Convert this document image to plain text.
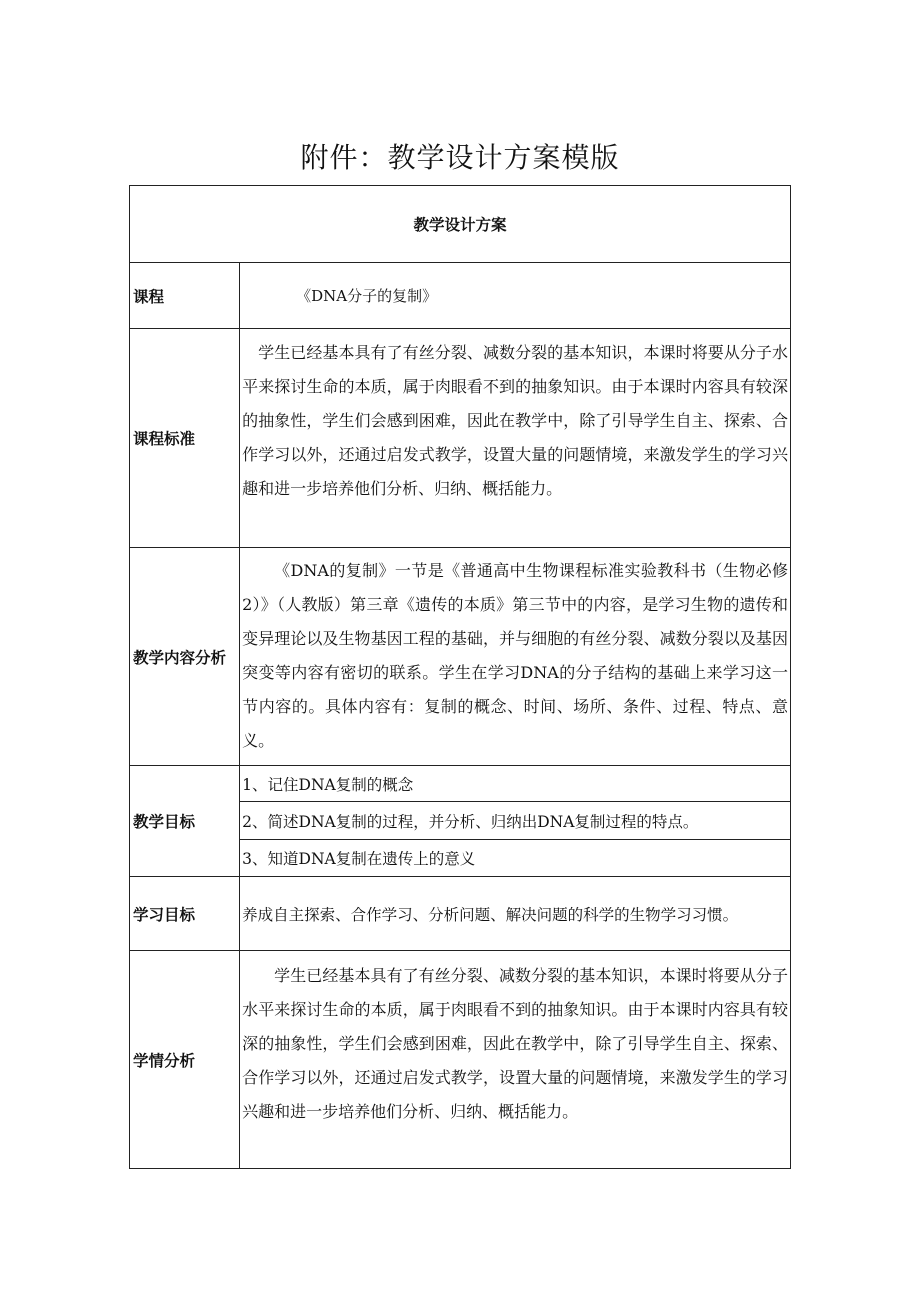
附件：教学设计方案模版
教学设计方案	
课程	《DNA分子的复制》
课程标准	学生已经基本具有了有丝分裂、减数分裂的基本知识，本课时将要从分子水平来探讨生命的本质，属于肉眼看不到的抽象知识。由于本课时内容具有较深的抽象性，学生们会感到困难，因此在教学中，除了引导学生自主、探索、合作学习以外，还通过启发式教学，设置大量的问题情境，来激发学生的学习兴趣和进一步培养他们分析、归纳、概括能力。

教学内容分析	《DNA的复制》一节是《普通高中生物课程标准实验教科书（生物必修2）》（人教版）第三章《遗传的本质》第三节中的内容，是学习生物的遗传和变异理论以及生物基因工程的基础，并与细胞的有丝分裂、减数分裂以及基因突变等内容有密切的联系。学生在学习DNA的分子结构的基础上来学习这一节内容的。具体内容有：复制的概念、时间、场所、条件、过程、特点、意义。

教学目标	1、记住DNA复制的概念
	2、简述DNA复制的过程，并分析、归纳出DNA复制过程的特点。
	3、知道DNA复制在遗传上的意义
学习目标	养成自主探索、合作学习、分析问题、解决问题的科学的生物学习习惯。
学情分析	学生已经基本具有了有丝分裂、减数分裂的基本知识，本课时将要从分子水平来探讨生命的本质，属于肉眼看不到的抽象知识。由于本课时内容具有较深的抽象性，学生们会感到困难，因此在教学中，除了引导学生自主、探索、合作学习以外，还通过启发式教学，设置大量的问题情境，来激发学生的学习兴趣和进一步培养他们分析、归纳、概括能力。
